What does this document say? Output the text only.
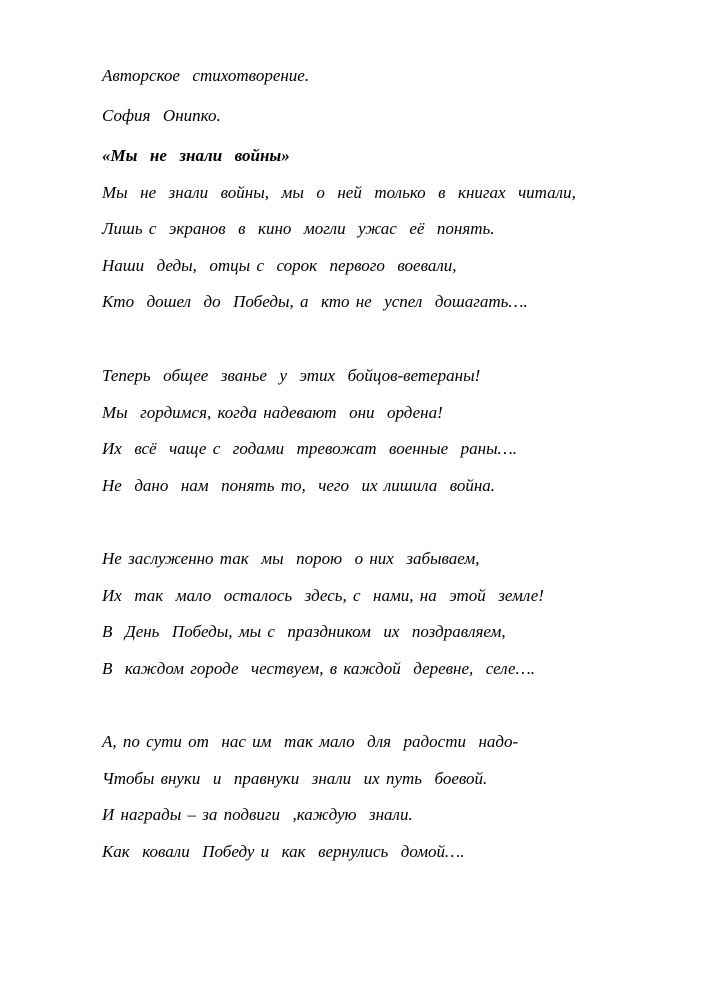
Авторское  стихотворение.

София  Онипко.

«Мы  не  знали  войны»

Мы  не  знали  войны,  мы  о  ней  только  в  книгах  читали,

Лишь с  экранов  в  кино  могли  ужас  её  понять.

Наши  деды,  отцы с  сорок  первого  воевали,

Кто  дошел  до  Победы, а  кто не  успел  дошагать….

Теперь  общее  званье  у  этих  бойцов-ветераны!

Мы  гордимся, когда надевают  они  ордена!

Их  всё  чаще с  годами  тревожат  военные  раны….

Не  дано  нам  понять то,  чего  их лишила  война.

Не заслуженно так  мы  порою  о них  забываем,

Их  так  мало  осталось  здесь, с  нами, на  этой  земле!

В  День  Победы, мы с  праздником  их  поздравляем,

В  каждом городе  чествуем, в каждой  деревне,  селе….

А, по сути от  нас им  так мало  для  радости  надо-

Чтобы внуки  и  правнуки  знали  их путь  боевой.

И награды – за подвиги  ,каждую  знали.

Как  ковали  Победу и  как  вернулись  домой….
